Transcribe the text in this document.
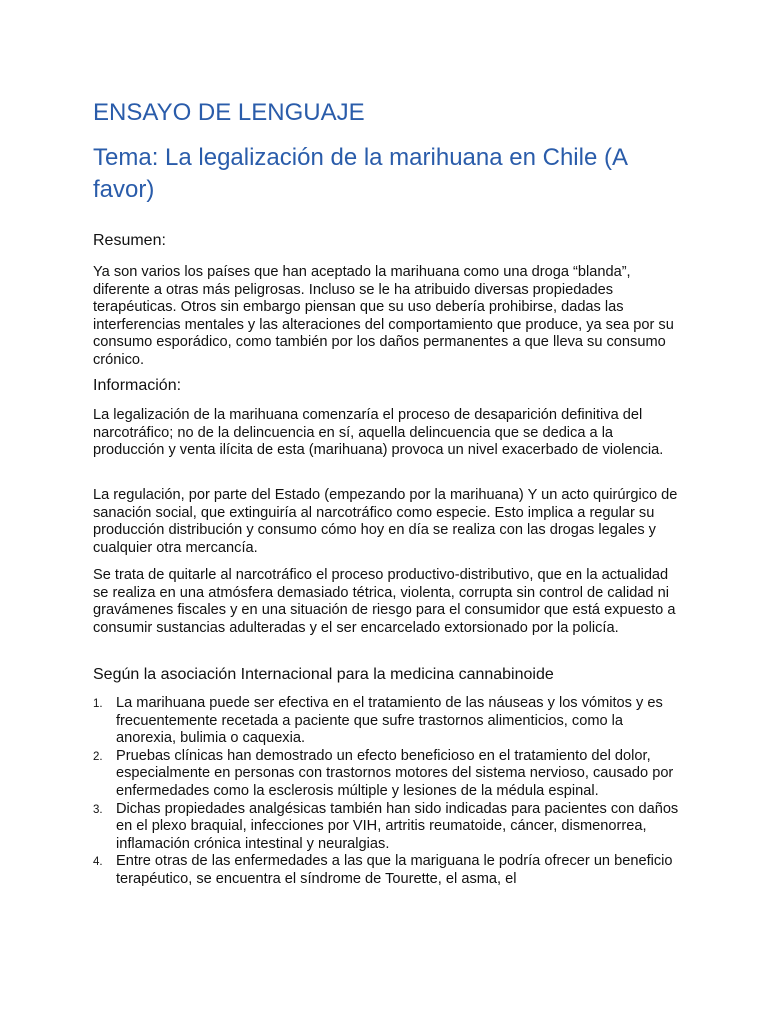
ENSAYO DE LENGUAJE
Tema: La legalización de la marihuana en Chile (A favor)
Resumen:

Ya son varios los países que han aceptado la marihuana como una droga “blanda”, diferente a otras más peligrosas. Incluso se le ha atribuido diversas propiedades terapéuticas. Otros sin embargo piensan que su uso debería prohibirse, dadas las interferencias mentales y las alteraciones del comportamiento que produce, ya sea por su consumo esporádico, como también por los daños permanentes a que lleva su consumo crónico.

Información:

La legalización de la marihuana comenzaría el proceso de desaparición definitiva del narcotráfico; no de la delincuencia en sí, aquella delincuencia que se dedica a la producción y venta ilícita de esta (marihuana) provoca un nivel exacerbado de violencia.

La regulación, por parte del Estado (empezando por la marihuana) Y un acto quirúrgico de sanación social, que extinguiría al narcotráfico como especie. Esto implica a regular su producción distribución y consumo cómo hoy en día se realiza con las drogas legales y cualquier otra mercancía.

Se trata de quitarle al narcotráfico el proceso productivo-distributivo, que en la actualidad se realiza en una atmósfera demasiado tétrica, violenta, corrupta sin control de calidad ni gravámenes fiscales y en una situación de riesgo para el consumidor que está expuesto a consumir sustancias adulteradas y el ser encarcelado extorsionado por la policía.

Según la asociación Internacional para la medicina cannabinoide
1. La marihuana puede ser efectiva en el tratamiento de las náuseas y los vómitos y es frecuentemente recetada a paciente que sufre trastornos alimenticios, como la anorexia, bulimia o caquexia.
2. Pruebas clínicas han demostrado un efecto beneficioso en el tratamiento del dolor, especialmente en personas con trastornos motores del sistema nervioso, causado por enfermedades como la esclerosis múltiple y lesiones de la médula espinal.
3. Dichas propiedades analgésicas también han sido indicadas para pacientes con daños en el plexo braquial, infecciones por VIH, artritis reumatoide, cáncer, dismenorrea, inflamación crónica intestinal y neuralgias.
4. Entre otras de las enfermedades a las que la mariguana le podría ofrecer un beneficio terapéutico, se encuentra el síndrome de Tourette, el asma, el
